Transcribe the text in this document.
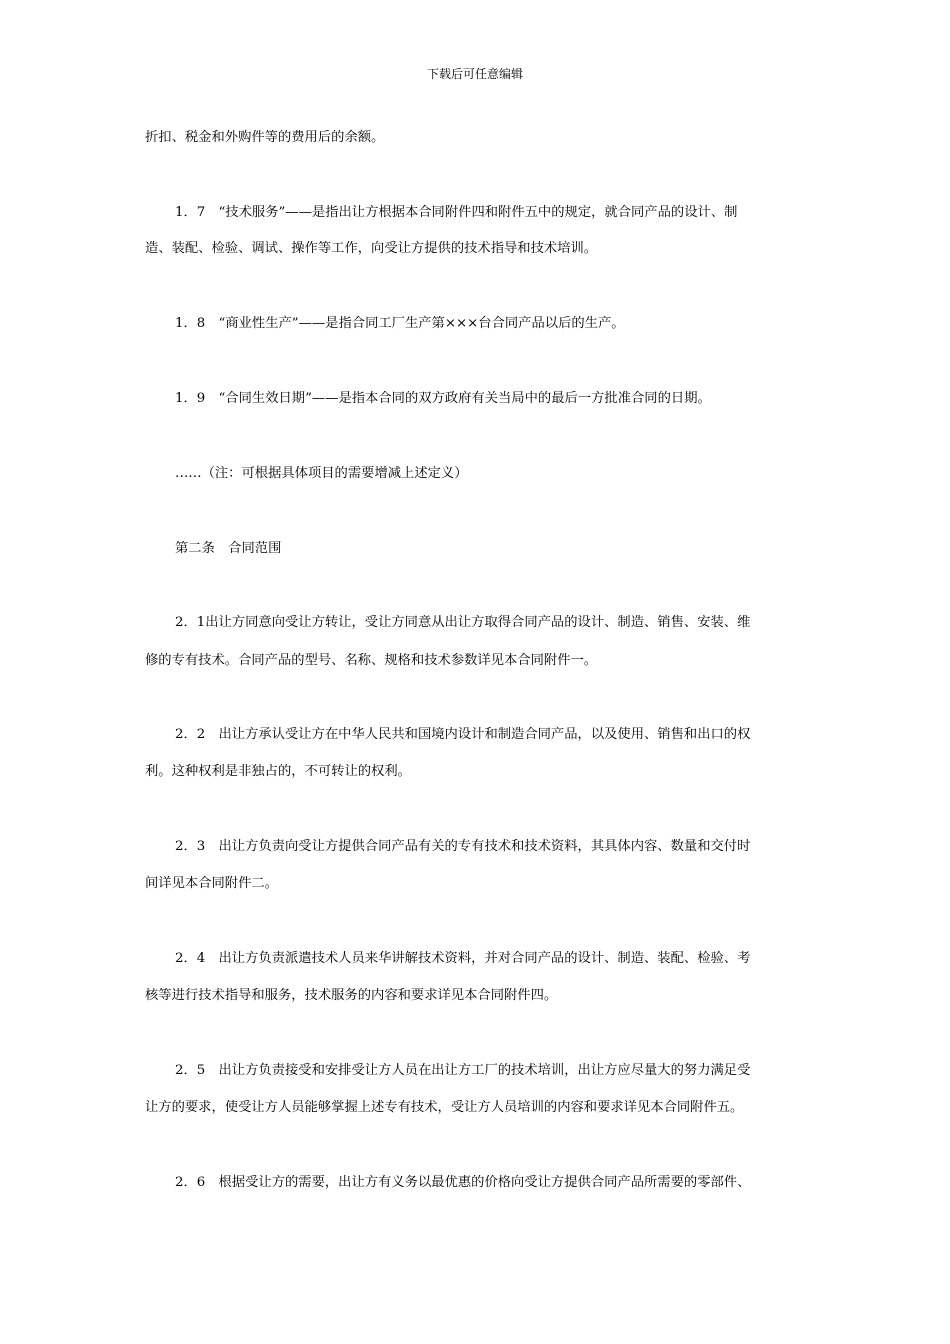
下载后可任意编辑
折扣、税金和外购件等的费用后的余额。
1．7　“技术服务”——是指出让方根据本合同附件四和附件五中的规定，就合同产品的设计、制
造、装配、检验、调试、操作等工作，向受让方提供的技术指导和技术培训。
1．8　“商业性生产”——是指合同工厂生产第×××台合同产品以后的生产。
1．9　“合同生效日期”——是指本合同的双方政府有关当局中的最后一方批准合同的日期。
……（注：可根据具体项目的需要增减上述定义）
第二条　合同范围
2．1出让方同意向受让方转让，受让方同意从出让方取得合同产品的设计、制造、销售、安装、维
修的专有技术。合同产品的型号、名称、规格和技术参数详见本合同附件一。
2．2　出让方承认受让方在中华人民共和国境内设计和制造合同产品，以及使用、销售和出口的权
利。这种权利是非独占的，不可转让的权利。
2．3　出让方负责向受让方提供合同产品有关的专有技术和技术资料，其具体内容、数量和交付时
间详见本合同附件二。
2．4　出让方负责派遣技术人员来华讲解技术资料，并对合同产品的设计、制造、装配、检验、考
核等进行技术指导和服务，技术服务的内容和要求详见本合同附件四。
2．5　出让方负责接受和安排受让方人员在出让方工厂的技术培训，出让方应尽量大的努力满足受
让方的要求，使受让方人员能够掌握上述专有技术，受让方人员培训的内容和要求详见本合同附件五。
2．6　根据受让方的需要，出让方有义务以最优惠的价格向受让方提供合同产品所需要的零部件、
